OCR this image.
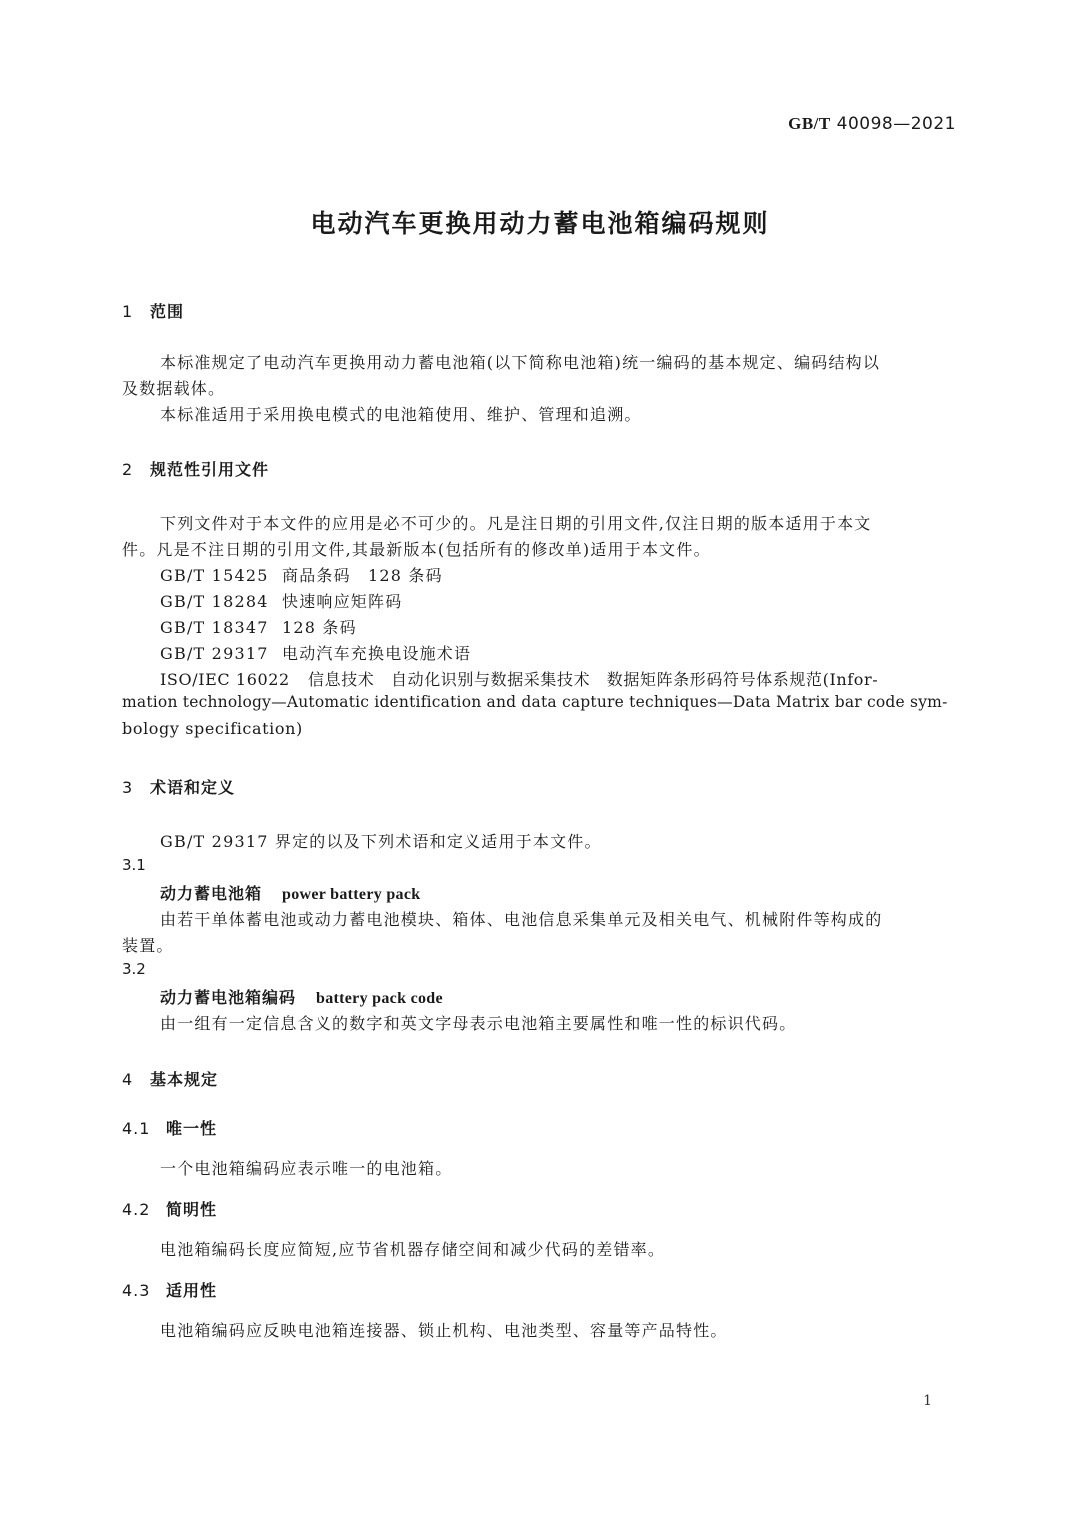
GB/T 40098—2021
电动汽车更换用动力蓄电池箱编码规则
1 范围
本标准规定了电动汽车更换用动力蓄电池箱(以下简称电池箱)统一编码的基本规定、编码结构以
及数据载体。
本标准适用于采用换电模式的电池箱使用、维护、管理和追溯。
2 规范性引用文件
下列文件对于本文件的应用是必不可少的。凡是注日期的引用文件,仅注日期的版本适用于本文
件。凡是不注日期的引用文件,其最新版本(包括所有的修改单)适用于本文件。
GB/T 15425 商品条码　128 条码
GB/T 18284 快速响应矩阵码
GB/T 18347 128 条码
GB/T 29317 电动汽车充换电设施术语
ISO/IEC 16022 信息技术　自动化识别与数据采集技术　数据矩阵条形码符号体系规范(Infor-
mation technology—Automatic identification and data capture techniques—Data Matrix bar code sym-
bology specification)
3 术语和定义
GB/T 29317 界定的以及下列术语和定义适用于本文件。
3.1
动力蓄电池箱 power battery pack
由若干单体蓄电池或动力蓄电池模块、箱体、电池信息采集单元及相关电气、机械附件等构成的
装置。
3.2
动力蓄电池箱编码 battery pack code
由一组有一定信息含义的数字和英文字母表示电池箱主要属性和唯一性的标识代码。
4 基本规定
4.1 唯一性
一个电池箱编码应表示唯一的电池箱。
4.2 简明性
电池箱编码长度应简短,应节省机器存储空间和减少代码的差错率。
4.3 适用性
电池箱编码应反映电池箱连接器、锁止机构、电池类型、容量等产品特性。
1
